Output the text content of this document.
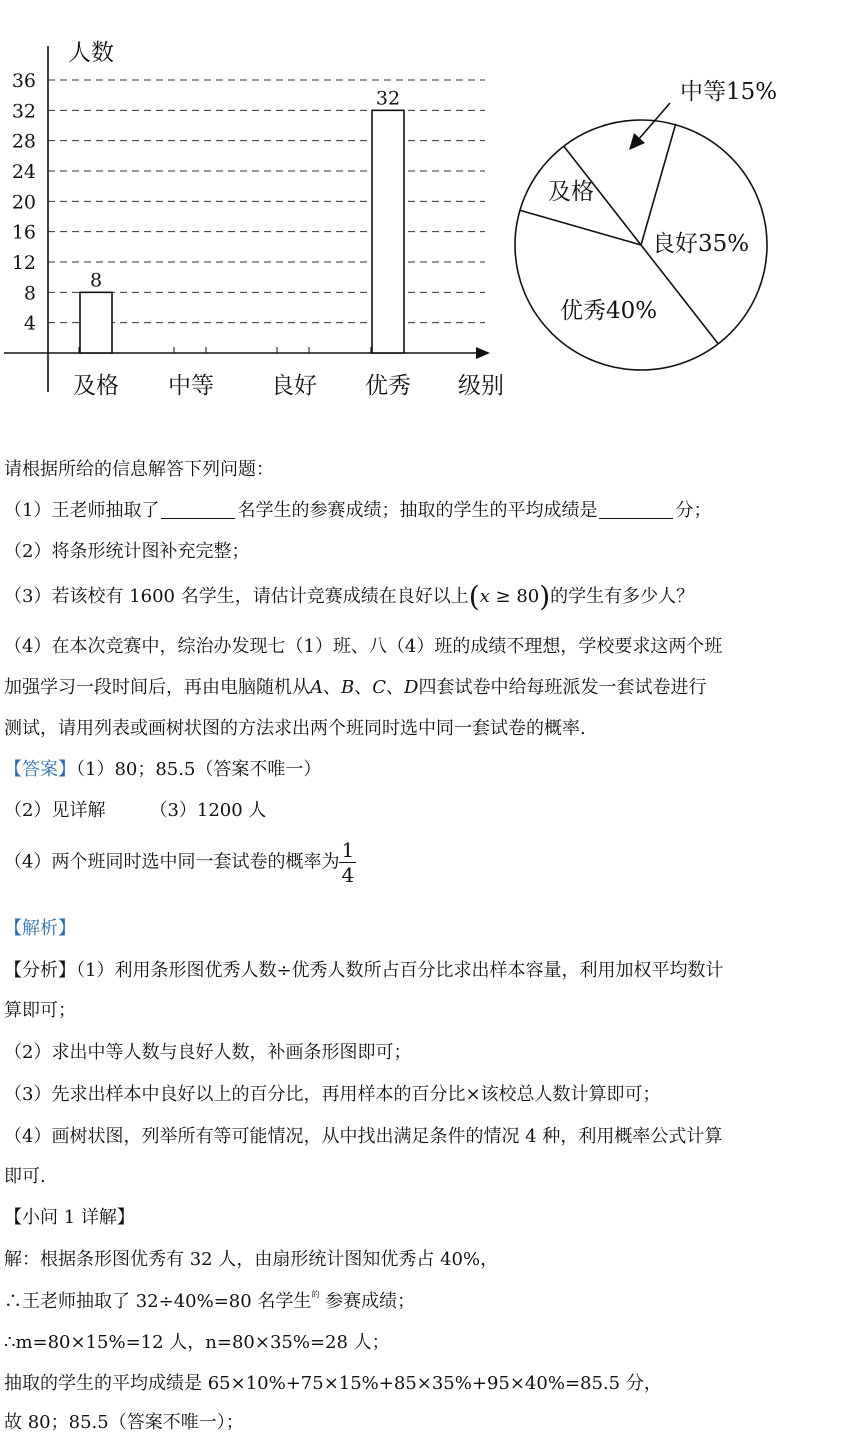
4
8
12
16
20
24
28
32
36
人数
级别
及格
8
中等 良好 优秀
32
良好35%
优秀40%
及格
中等15%
请根据所给的信息解答下列问题：
（1）王老师抽取了	名学生的参赛成绩；抽取的学生的平均成绩是	分；
（2）将条形统计图补充完整；
（3）若该校有 1600 名学生，请估计竞赛成绩在良好以上(x ≥ 80)的学生有多少人？
（4）在本次竞赛中，综治办发现七（1）班、八（4）班的成绩不理想，学校要求这两个班
加强学习一段时间后，再由电脑随机从A、B、C、D四套试卷中给每班派发一套试卷进行
测试，请用列表或画树状图的方法求出两个班同时选中同一套试卷的概率.
【答案】（1）80；85.5（答案不唯一）
（2）见详解 （3）1200 人
（4）两个班同时选中同一套试卷的概率为 $\frac{1}{4}$
【解析】
【分析】（1）利用条形图优秀人数÷优秀人数所占百分比求出样本容量，利用加权平均数计
算即可；
（2）求出中等人数与良好人数，补画条形图即可；
（3）先求出样本中良好以上的百分比，再用样本的百分比×该校总人数计算即可；
（4）画树状图，列举所有等可能情况，从中找出满足条件的情况 4 种，利用概率公式计算
即可.
【小问 1 详解】
解：根据条形图优秀有 32 人，由扇形统计图知优秀占 40%，
∴王老师抽取了 32÷40%=80 名学生$^的$ 参赛成绩；
∴m=80×15%=12 人，n=80×35%=28 人；
抽取的学生的平均成绩是 65×10%+75×15%+85×35%+95×40%=85.5 分，
故 80；85.5（答案不唯一）；
